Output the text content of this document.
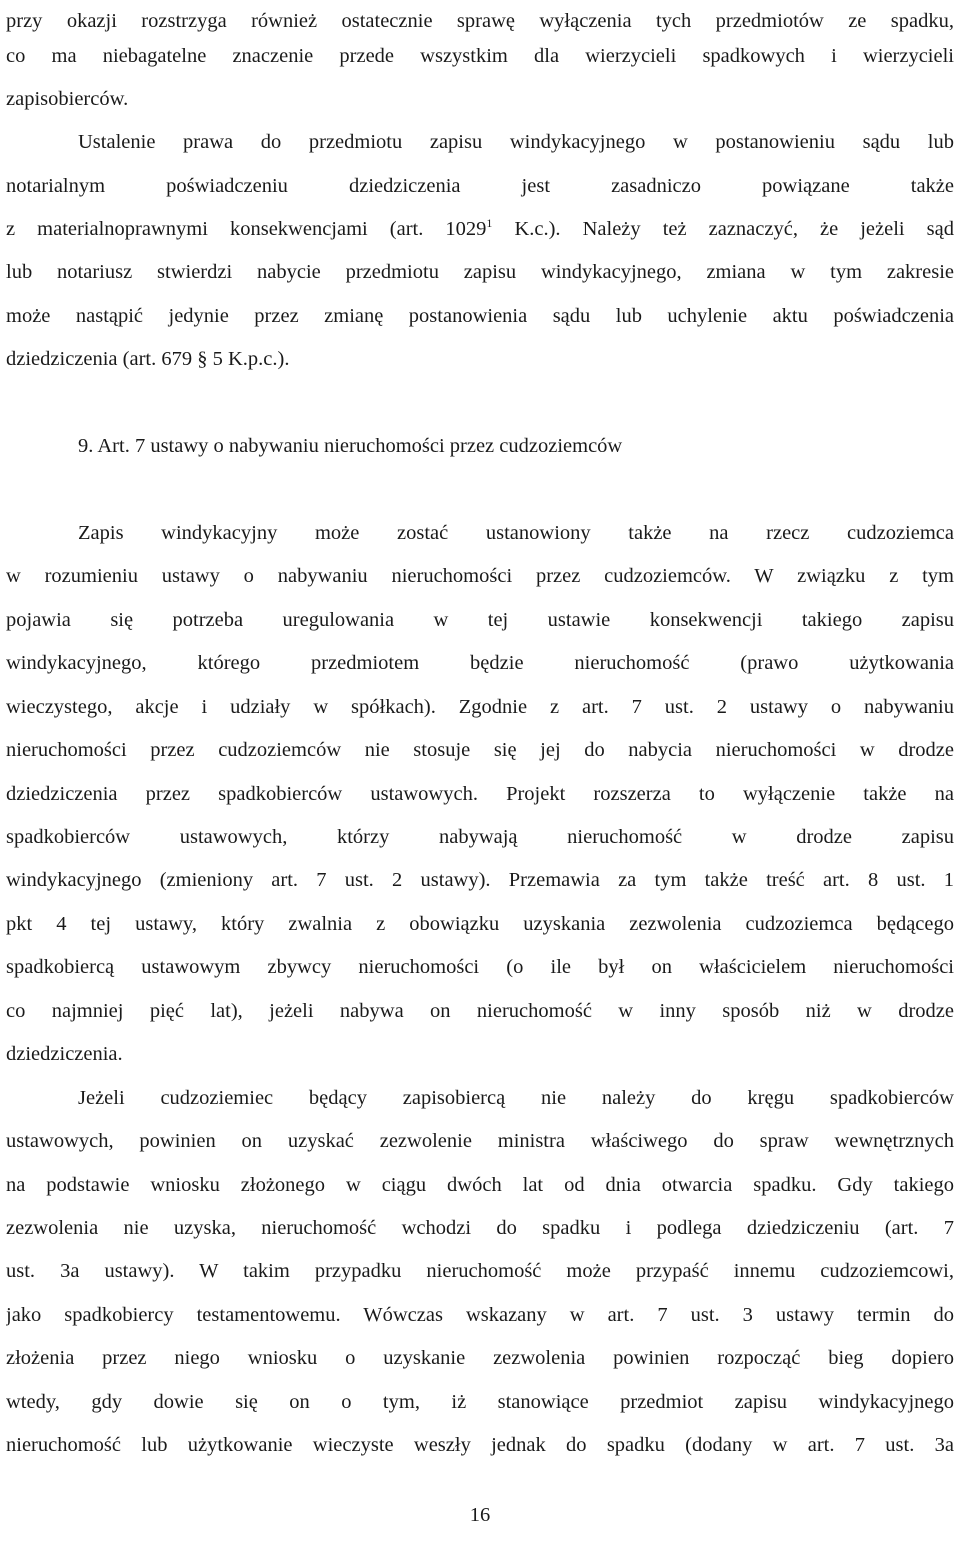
przy okazji rozstrzyga również ostatecznie sprawę wyłączenia tych przedmiotów ze spadku,
co ma niebagatelne znaczenie przede wszystkim dla wierzycieli spadkowych i wierzycieli
zapisobierców.
Ustalenie prawa do przedmiotu zapisu windykacyjnego w postanowieniu sądu lub
notarialnym poświadczeniu dziedziczenia jest zasadniczo powiązane także
z materialnoprawnymi konsekwencjami (art. 1029$^1$ K.c.). Należy też zaznaczyć, że jeżeli sąd
lub notariusz stwierdzi nabycie przedmiotu zapisu windykacyjnego, zmiana w tym zakresie
może nastąpić jedynie przez zmianę postanowienia sądu lub uchylenie aktu poświadczenia
dziedziczenia (art. 679 § 5 K.p.c.).
9. Art. 7 ustawy o nabywaniu nieruchomości przez cudzoziemców
Zapis windykacyjny może zostać ustanowiony także na rzecz cudzoziemca
w rozumieniu ustawy o nabywaniu nieruchomości przez cudzoziemców. W związku z tym
pojawia się potrzeba uregulowania w tej ustawie konsekwencji takiego zapisu
windykacyjnego, którego przedmiotem będzie nieruchomość (prawo użytkowania
wieczystego, akcje i udziały w spółkach). Zgodnie z art. 7 ust. 2 ustawy o nabywaniu
nieruchomości przez cudzoziemców nie stosuje się jej do nabycia nieruchomości w drodze
dziedziczenia przez spadkobierców ustawowych. Projekt rozszerza to wyłączenie także na
spadkobierców ustawowych, którzy nabywają nieruchomość w drodze zapisu
windykacyjnego (zmieniony art. 7 ust. 2 ustawy). Przemawia za tym także treść art. 8 ust. 1
pkt 4 tej ustawy, który zwalnia z obowiązku uzyskania zezwolenia cudzoziemca będącego
spadkobiercą ustawowym zbywcy nieruchomości (o ile był on właścicielem nieruchomości
co najmniej pięć lat), jeżeli nabywa on nieruchomość w inny sposób niż w drodze
dziedziczenia.
Jeżeli cudzoziemiec będący zapisobiercą nie należy do kręgu spadkobierców
ustawowych, powinien on uzyskać zezwolenie ministra właściwego do spraw wewnętrznych
na podstawie wniosku złożonego w ciągu dwóch lat od dnia otwarcia spadku. Gdy takiego
zezwolenia nie uzyska, nieruchomość wchodzi do spadku i podlega dziedziczeniu (art. 7
ust. 3a ustawy). W takim przypadku nieruchomość może przypaść innemu cudzoziemcowi,
jako spadkobiercy testamentowemu. Wówczas wskazany w art. 7 ust. 3 ustawy termin do
złożenia przez niego wniosku o uzyskanie zezwolenia powinien rozpocząć bieg dopiero
wtedy, gdy dowie się on o tym, iż stanowiące przedmiot zapisu windykacyjnego
nieruchomość lub użytkowanie wieczyste weszły jednak do spadku (dodany w art. 7 ust. 3a
16
